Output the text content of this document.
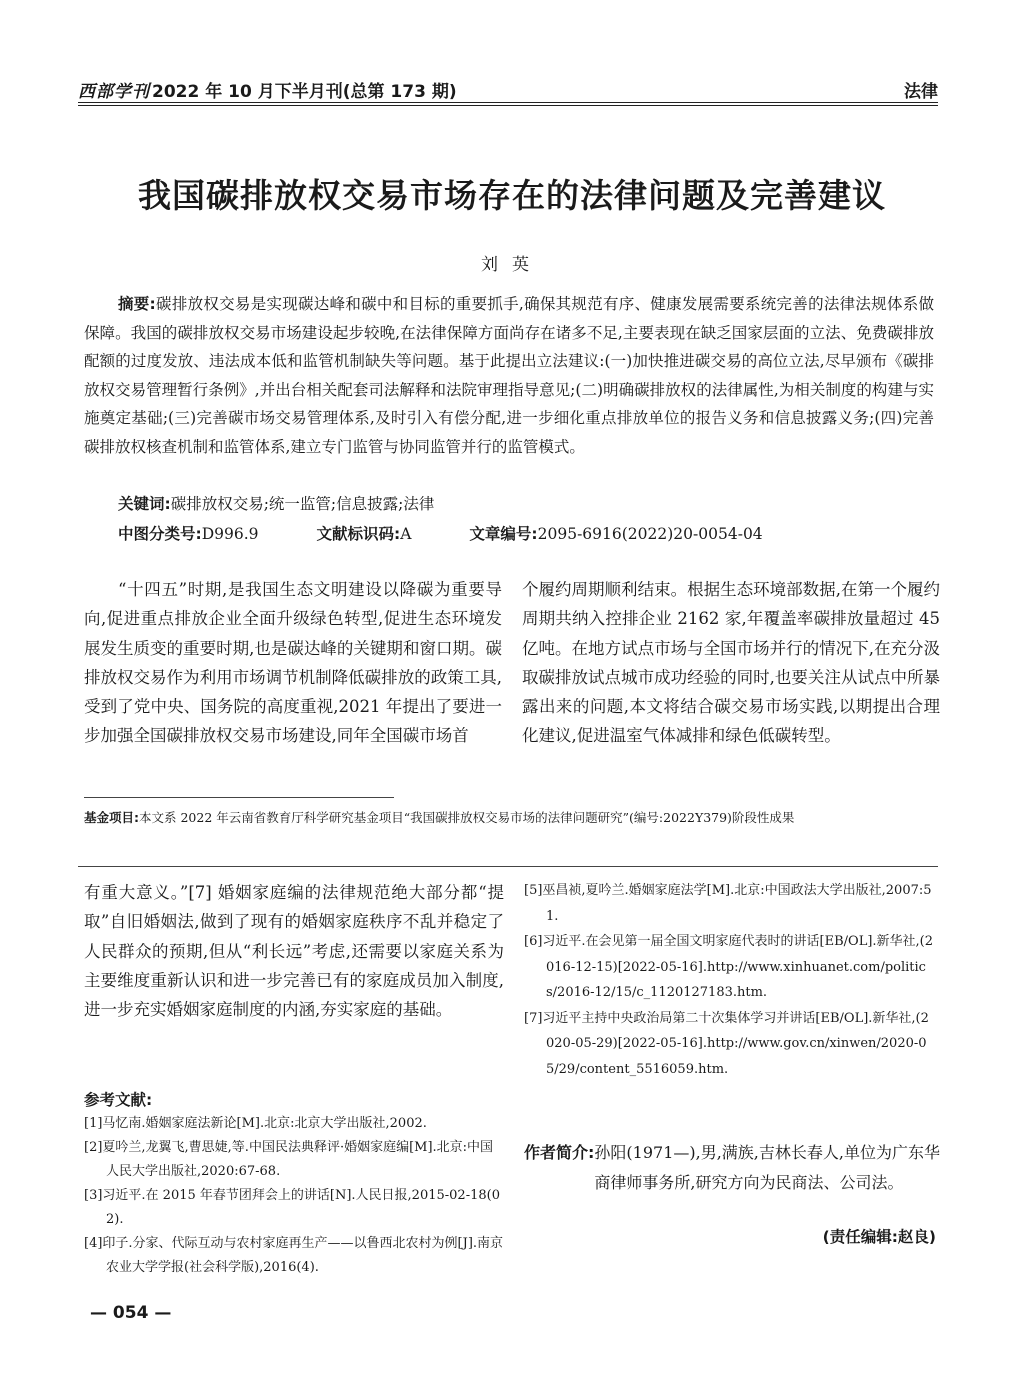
西部学刊 2022 年 10 月下半月刊(总第 173 期)	法律
我国碳排放权交易市场存在的法律问题及完善建议
刘英
摘要:碳排放权交易是实现碳达峰和碳中和目标的重要抓手,确保其规范有序、健康发展需要系统完善的法律法规体系做保障。我国的碳排放权交易市场建设起步较晚,在法律保障方面尚存在诸多不足,主要表现在缺乏国家层面的立法、免费碳排放配额的过度发放、违法成本低和监管机制缺失等问题。基于此提出立法建议:(一)加快推进碳交易的高位立法,尽早颁布《碳排放权交易管理暂行条例》,并出台相关配套司法解释和法院审理指导意见;(二)明确碳排放权的法律属性,为相关制度的构建与实施奠定基础;(三)完善碳市场交易管理体系,及时引入有偿分配,进一步细化重点排放单位的报告义务和信息披露义务;(四)完善碳排放权核查机制和监管体系,建立专门监管与协同监管并行的监管模式。
关键词:碳排放权交易;统一监管;信息披露;法律
中图分类号:D996.9	文献标识码:A	文章编号:2095-6916(2022)20-0054-04
“十四五”时期,是我国生态文明建设以降碳为重要导向,促进重点排放企业全面升级绿色转型,促进生态环境发展发生质变的重要时期,也是碳达峰的关键期和窗口期。碳排放权交易作为利用市场调节机制降低碳排放的政策工具,受到了党中央、国务院的高度重视,2021 年提出了要进一步加强全国碳排放权交易市场建设,同年全国碳市场首
个履约周期顺利结束。根据生态环境部数据,在第一个履约周期共纳入控排企业 2162 家,年覆盖率碳排放量超过 45 亿吨。在地方试点市场与全国市场并行的情况下,在充分汲取碳排放试点城市成功经验的同时,也要关注从试点中所暴露出来的问题,本文将结合碳交易市场实践,以期提出合理化建议,促进温室气体减排和绿色低碳转型。
基金项目:本文系 2022 年云南省教育厅科学研究基金项目“我国碳排放权交易市场的法律问题研究”(编号:2022Y379)阶段性成果
有重大意义。”[7] 婚姻家庭编的法律规范绝大部分都“提取”自旧婚姻法,做到了现有的婚姻家庭秩序不乱并稳定了人民群众的预期,但从“利长远”考虑,还需要以家庭关系为主要维度重新认识和进一步完善已有的家庭成员加入制度,进一步充实婚姻家庭制度的内涵,夯实家庭的基础。
参考文献:

[1]马忆南.婚姻家庭法新论[M].北京:北京大学出版社,2002.

[2]夏吟兰,龙翼飞,曹思婕,等.中国民法典释评·婚姻家庭编[M].北京:中国人民大学出版社,2020:67-68.

[3]习近平.在 2015 年春节团拜会上的讲话[N].人民日报,2015-02-18(02).

[4]印子.分家、代际互动与农村家庭再生产——以鲁西北农村为例[J].南京农业大学学报(社会科学版),2016(4).

[5]巫昌祯,夏吟兰.婚姻家庭法学[M].北京:中国政法大学出版社,2007:51.

[6]习近平.在会见第一届全国文明家庭代表时的讲话[EB/OL].新华社,(2016-12-15)[2022-05-16].http://www.xinhuanet.com/politics/2016-12/15/c_1120127183.htm.

[7]习近平主持中央政治局第二十次集体学习并讲话[EB/OL].新华社,(2020-05-29)[2022-05-16].http://www.gov.cn/xinwen/2020-05/29/content_5516059.htm.

作者简介: 孙阳(1971—),男,满族,吉林长春人,单位为广东华商律师事务所,研究方向为民商法、公司法。
(责任编辑:赵良)
— 054 —
